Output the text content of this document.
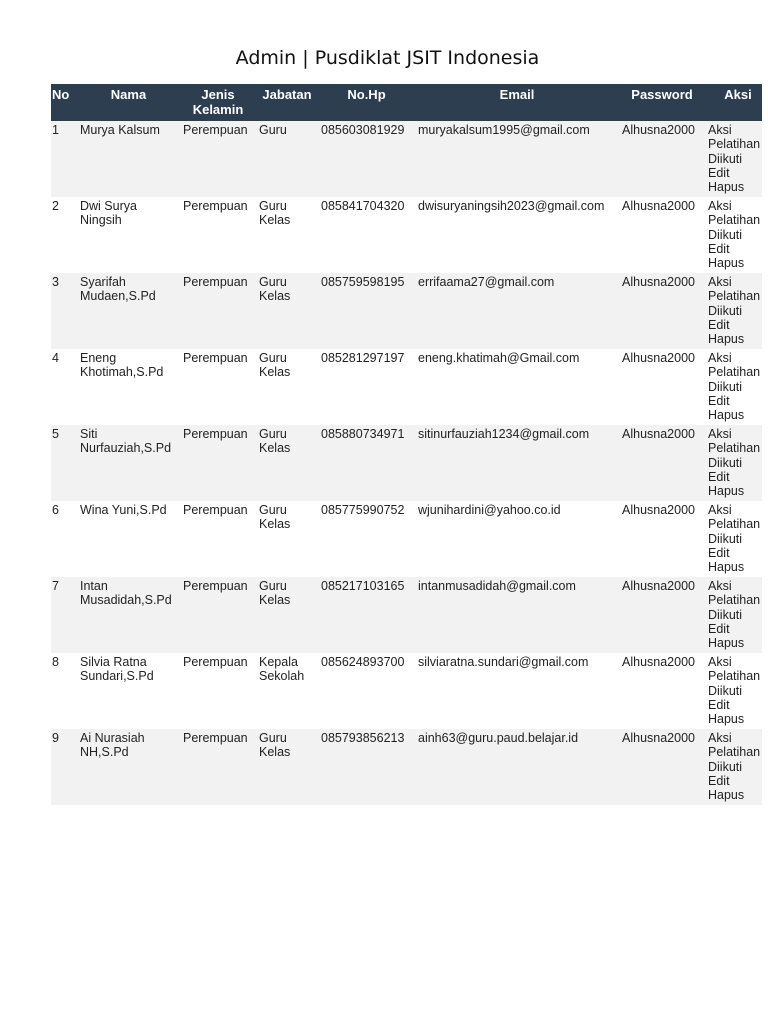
Admin | Pusdiklat JSIT Indonesia
No	Nama	Jenis Kelamin	Jabatan	No.Hp	Email	Password	Aksi
1	Murya Kalsum	Perempuan	Guru	085603081929	muryakalsum1995@gmail.com	Alhusna2000	Aksi
Pelatihan Diikuti
Edit
Hapus

2	Dwi Surya Ningsih	Perempuan	Guru Kelas	085841704320	dwisuryaningsih2023@gmail.com	Alhusna2000	Aksi
Pelatihan Diikuti
Edit
Hapus

3	Syarifah Mudaen,S.Pd	Perempuan	Guru Kelas	085759598195	errifaama27@gmail.com	Alhusna2000	Aksi
Pelatihan Diikuti
Edit
Hapus

4	Eneng Khotimah,S.Pd	Perempuan	Guru Kelas	085281297197	eneng.khatimah@Gmail.com	Alhusna2000	Aksi
Pelatihan Diikuti
Edit
Hapus

5	Siti Nurfauziah,S.Pd	Perempuan	Guru Kelas	085880734971	sitinurfauziah1234@gmail.com	Alhusna2000	Aksi
Pelatihan Diikuti
Edit
Hapus

6	Wina Yuni,S.Pd	Perempuan	Guru Kelas	085775990752	wjunihardini@yahoo.co.id	Alhusna2000	Aksi
Pelatihan Diikuti
Edit
Hapus

7	Intan Musadidah,S.Pd	Perempuan	Guru Kelas	085217103165	intanmusadidah@gmail.com	Alhusna2000	Aksi
Pelatihan Diikuti
Edit
Hapus

8	Silvia Ratna Sundari,S.Pd	Perempuan	Kepala Sekolah	085624893700	silviaratna.sundari@gmail.com	Alhusna2000	Aksi
Pelatihan Diikuti
Edit
Hapus

9	Ai Nurasiah NH,S.Pd	Perempuan	Guru Kelas	085793856213	ainh63@guru.paud.belajar.id	Alhusna2000	Aksi
Pelatihan Diikuti
Edit
Hapus
